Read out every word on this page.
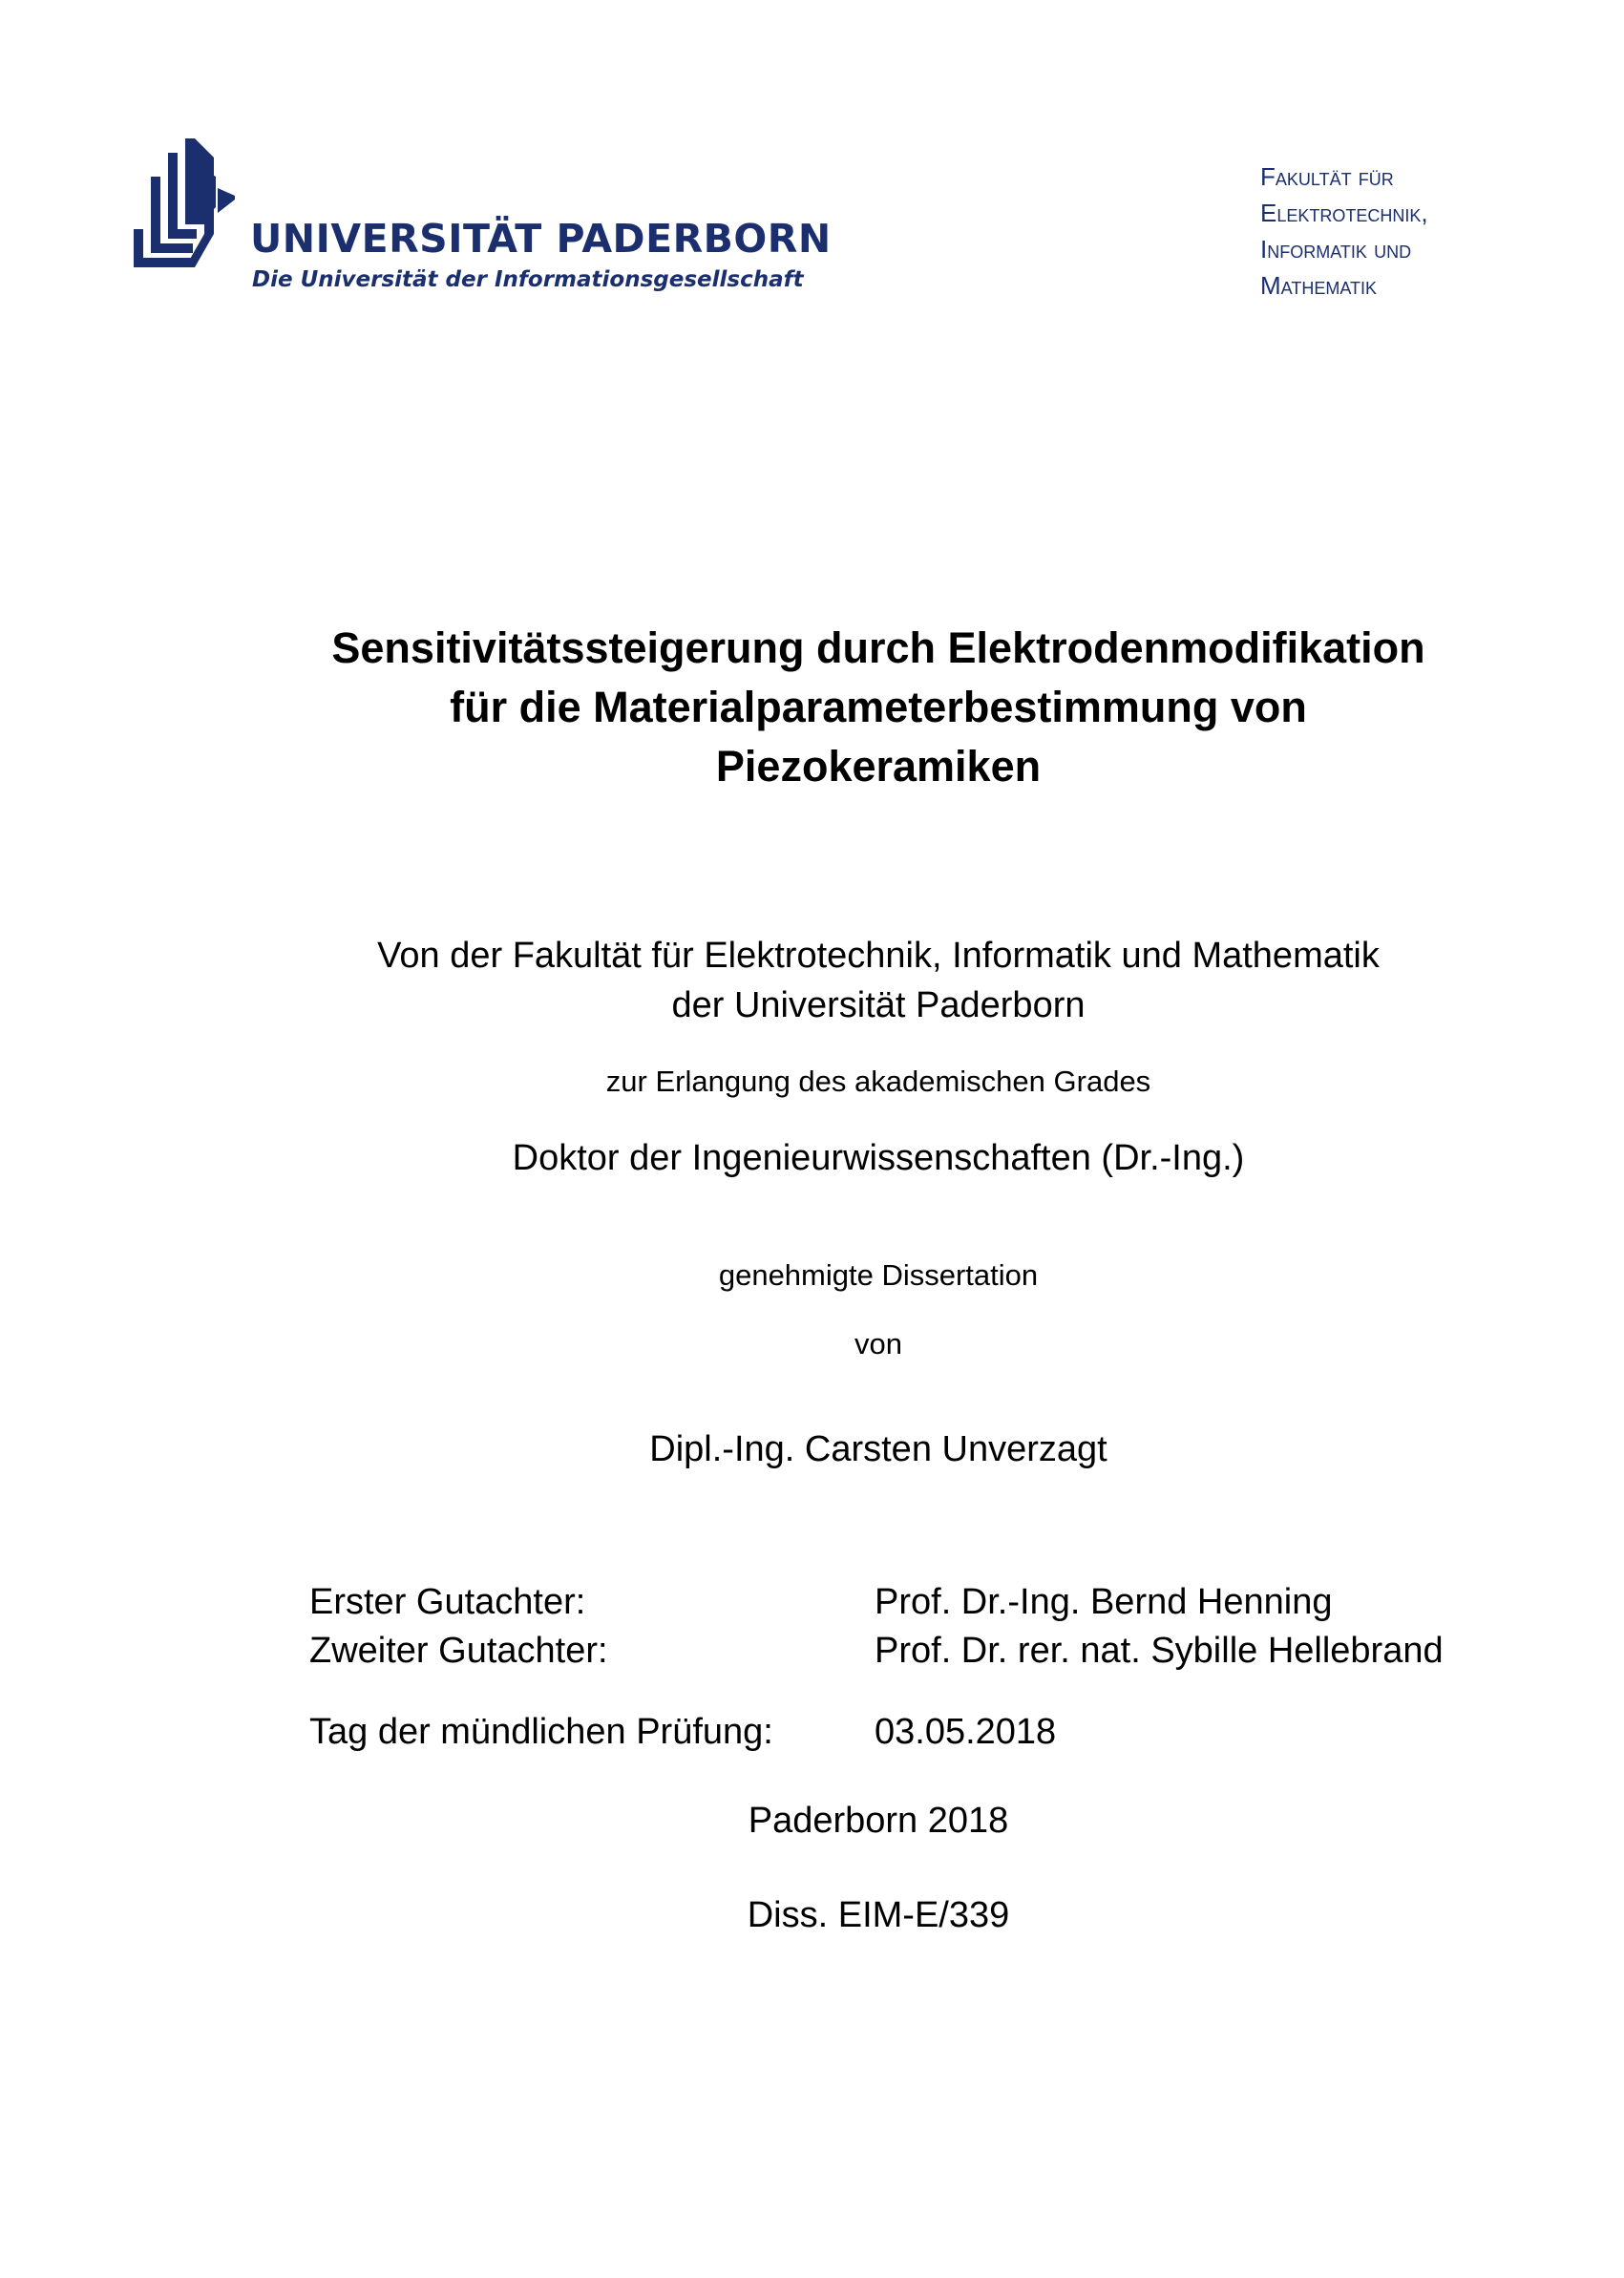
UNIVERSITÄT PADERBORN
Die Universität der Informationsgesellschaft
Fakultät für
Elektrotechnik,
Informatik und
Mathematik
Sensitivitätssteigerung durch Elektrodenmodifikation
für die Materialparameterbestimmung von
Piezokeramiken
Von der Fakultät für Elektrotechnik, Informatik und Mathematik
der Universität Paderborn
zur Erlangung des akademischen Grades
Doktor der Ingenieurwissenschaften (Dr.-Ing.)
genehmigte Dissertation
von
Dipl.-Ing. Carsten Unverzagt
Erster Gutachter:	Prof. Dr.-Ing. Bernd Henning
Zweiter Gutachter:	Prof. Dr. rer. nat. Sybille Hellebrand
Tag der mündlichen Prüfung:	03.05.2018
Paderborn 2018
Diss. EIM-E/339
